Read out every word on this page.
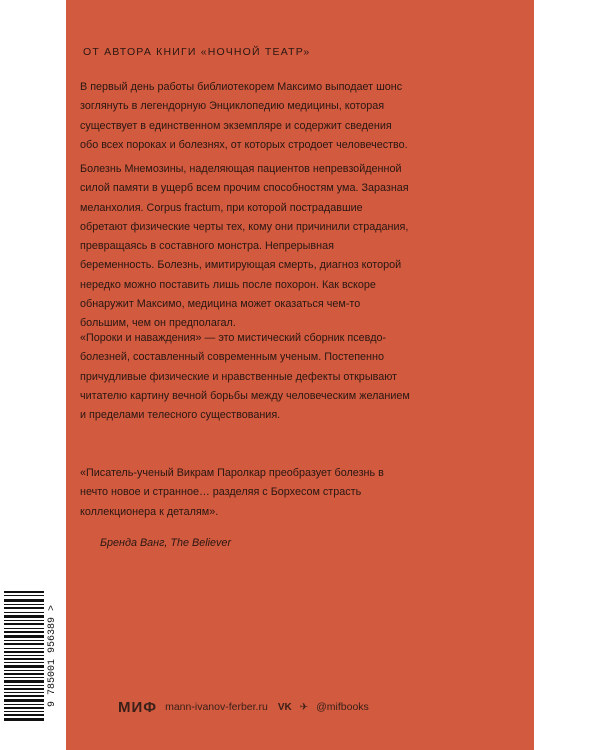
ОТ АВТОРА КНИГИ «НОЧНОЙ ТЕАТР»

В первый день работы библиотекорем Максимо выподает шонс зоглянуть в легендорную Энциклопедию медицины, которая существует в единственном экземпляре и содержит сведения обо всех пороках и болезнях, от которых стродоет человечество.

Болезнь Мнемозины, наделяющая пациентов непревзойденной силой памяти в ущерб всем прочим способностям ума. Заразная меланхолия. Corpus fractum, при которой пострадавшие обретают физические черты тех, кому они причинили страдания, превращаясь в составного монстра. Непрерывная беременность. Болезнь, имитирующая смерть, диагноз которой нередко можно поставить лишь после похорон. Как вскоре обнаружит Максимо, медицина может оказаться чем-то большим, чем он предполагал.

«Пороки и наваждения» — это мистический сборник псевдо-болезней, составленный современным ученым. Постепенно причудливые физические и нравственные дефекты открывают читателю картину вечной борьбы между человеческим желанием и пределами телесного существования.

«Писатель-ученый Викрам Паролкар преобразует болезнь в нечто новое и странное… разделяя с Борхесом страсть коллекционера к деталям».

Бренда Ванг, The Believer
9 785001 956389 >	МИФ mann-ivanov-ferber.ru VK ✈ @mifbooks
